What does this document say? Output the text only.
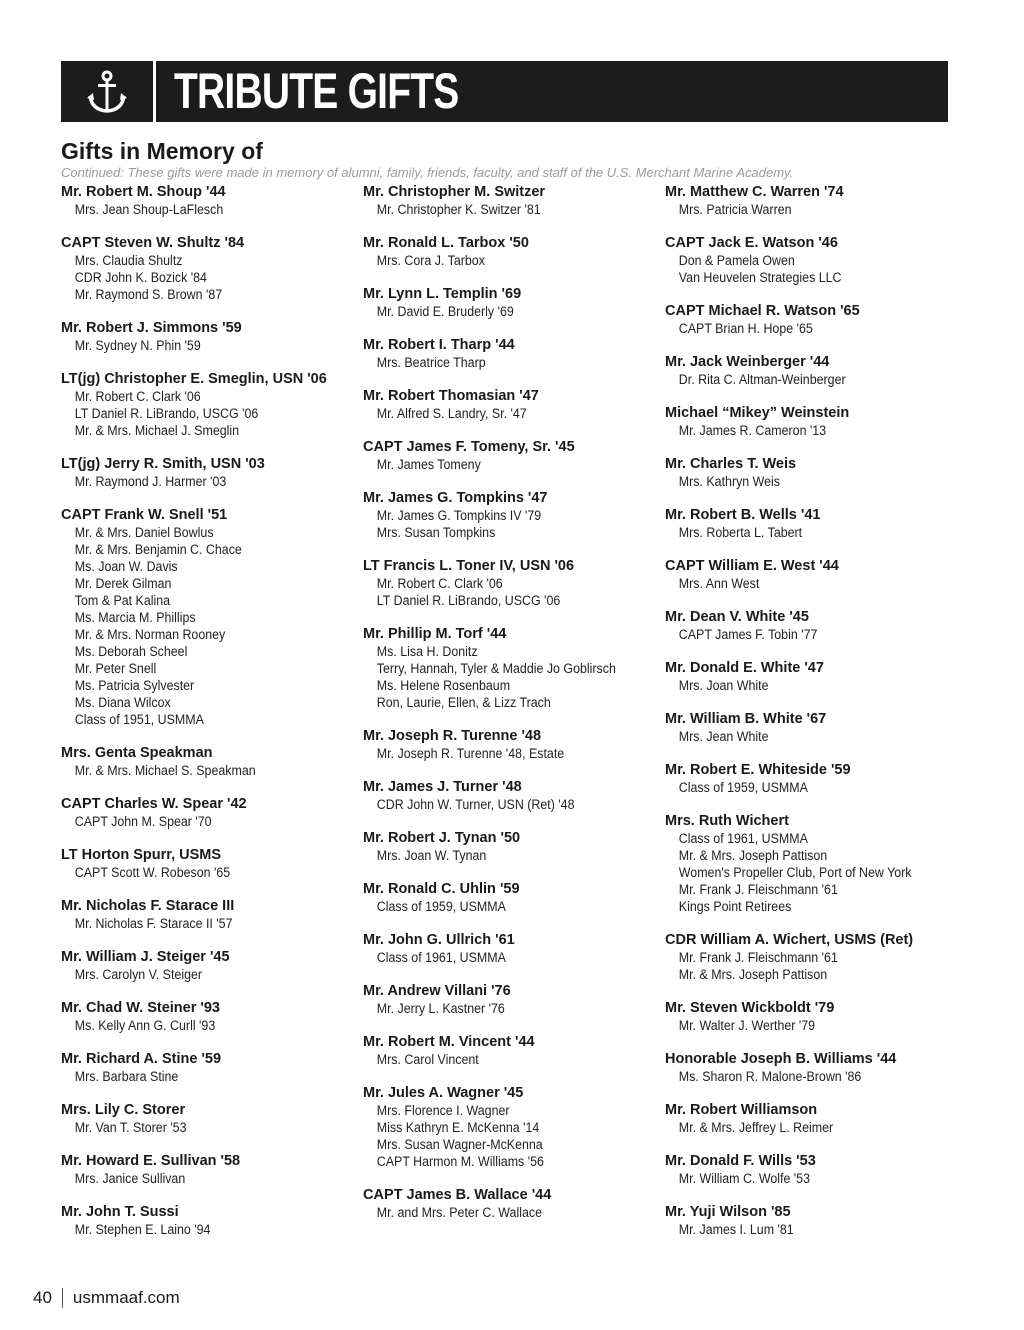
TRIBUTE GIFTS
Gifts in Memory of
Continued: These gifts were made in memory of alumni, family, friends, faculty, and staff of the U.S. Merchant Marine Academy.
Mr. Robert M. Shoup '44
Mrs. Jean Shoup-LaFlesch
CAPT Steven W. Shultz '84
Mrs. Claudia Shultz
CDR John K. Bozick '84
Mr. Raymond S. Brown '87
Mr. Robert J. Simmons '59
Mr. Sydney N. Phin '59
LT(jg) Christopher E. Smeglin, USN '06
Mr. Robert C. Clark '06
LT Daniel R. LiBrando, USCG '06
Mr. & Mrs. Michael J. Smeglin
LT(jg) Jerry R. Smith, USN '03
Mr. Raymond J. Harmer '03
CAPT Frank W. Snell '51
Mr. & Mrs. Daniel Bowlus
Mr. & Mrs. Benjamin C. Chace
Ms. Joan W. Davis
Mr. Derek Gilman
Tom & Pat Kalina
Ms. Marcia M. Phillips
Mr. & Mrs. Norman Rooney
Ms. Deborah Scheel
Mr. Peter Snell
Ms. Patricia Sylvester
Ms. Diana Wilcox
Class of 1951, USMMA
Mrs. Genta Speakman
Mr. & Mrs. Michael S. Speakman
CAPT Charles W. Spear '42
CAPT John M. Spear '70
LT Horton Spurr, USMS
CAPT Scott W. Robeson '65
Mr. Nicholas F. Starace III
Mr. Nicholas F. Starace II '57
Mr. William J. Steiger '45
Mrs. Carolyn V. Steiger
Mr. Chad W. Steiner '93
Ms. Kelly Ann G. Curll '93
Mr. Richard A. Stine '59
Mrs. Barbara Stine
Mrs. Lily C. Storer
Mr. Van T. Storer '53
Mr. Howard E. Sullivan '58
Mrs. Janice Sullivan
Mr. John T. Sussi
Mr. Stephen E. Laino '94
Mr. Christopher M. Switzer
Mr. Christopher K. Switzer '81
Mr. Ronald L. Tarbox '50
Mrs. Cora J. Tarbox
Mr. Lynn L. Templin '69
Mr. David E. Bruderly '69
Mr. Robert I. Tharp '44
Mrs. Beatrice Tharp
Mr. Robert Thomasian '47
Mr. Alfred S. Landry, Sr. '47
CAPT James F. Tomeny, Sr. '45
Mr. James Tomeny
Mr. James G. Tompkins '47
Mr. James G. Tompkins IV '79
Mrs. Susan Tompkins
LT Francis L. Toner IV, USN '06
Mr. Robert C. Clark '06
LT Daniel R. LiBrando, USCG '06
Mr. Phillip M. Torf '44
Ms. Lisa H. Donitz
Terry, Hannah, Tyler & Maddie Jo Goblirsch
Ms. Helene Rosenbaum
Ron, Laurie, Ellen, & Lizz Trach
Mr. Joseph R. Turenne '48
Mr. Joseph R. Turenne '48, Estate
Mr. James J. Turner '48
CDR John W. Turner, USN (Ret) '48
Mr. Robert J. Tynan '50
Mrs. Joan W. Tynan
Mr. Ronald C. Uhlin '59
Class of 1959, USMMA
Mr. John G. Ullrich '61
Class of 1961, USMMA
Mr. Andrew Villani '76
Mr. Jerry L. Kastner '76
Mr. Robert M. Vincent '44
Mrs. Carol Vincent
Mr. Jules A. Wagner '45
Mrs. Florence I. Wagner
Miss Kathryn E. McKenna '14
Mrs. Susan Wagner-McKenna
CAPT Harmon M. Williams '56
CAPT James B. Wallace '44
Mr. and Mrs. Peter C. Wallace
Mr. Matthew C. Warren '74
Mrs. Patricia Warren
CAPT Jack E. Watson '46
Don & Pamela Owen
Van Heuvelen Strategies LLC
CAPT Michael R. Watson '65
CAPT Brian H. Hope '65
Mr. Jack Weinberger '44
Dr. Rita C. Altman-Weinberger
Michael “Mikey” Weinstein
Mr. James R. Cameron '13
Mr. Charles T. Weis
Mrs. Kathryn Weis
Mr. Robert B. Wells '41
Mrs. Roberta L. Tabert
CAPT William E. West '44
Mrs. Ann West
Mr. Dean V. White '45
CAPT James F. Tobin '77
Mr. Donald E. White '47
Mrs. Joan White
Mr. William B. White '67
Mrs. Jean White
Mr. Robert E. Whiteside '59
Class of 1959, USMMA
Mrs. Ruth Wichert
Class of 1961, USMMA
Mr. & Mrs. Joseph Pattison
Women's Propeller Club, Port of New York
Mr. Frank J. Fleischmann '61
Kings Point Retirees
CDR William A. Wichert, USMS (Ret)
Mr. Frank J. Fleischmann '61
Mr. & Mrs. Joseph Pattison
Mr. Steven Wickboldt '79
Mr. Walter J. Werther '79
Honorable Joseph B. Williams '44
Ms. Sharon R. Malone-Brown '86
Mr. Robert Williamson
Mr. & Mrs. Jeffrey L. Reimer
Mr. Donald F. Wills '53
Mr. William C. Wolfe '53
Mr. Yuji Wilson '85
Mr. James I. Lum '81
40 usmmaaf.com
